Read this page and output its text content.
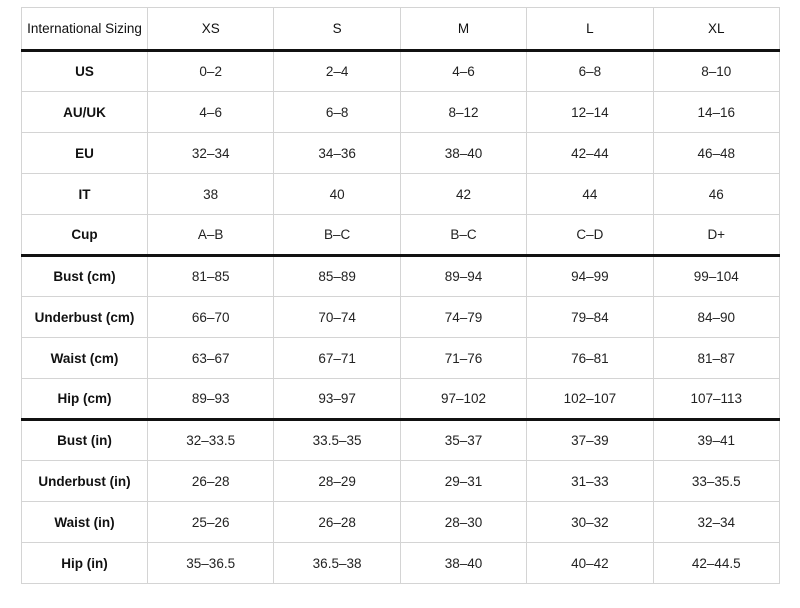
International Sizing	XS	S	M	L	XL
US	0–2	2–4	4–6	6–8	8–10
AU/UK	4–6	6–8	8–12	12–14	14–16
EU	32–34	34–36	38–40	42–44	46–48
IT	38	40	42	44	46
Cup	A–B	B–C	B–C	C–D	D+
Bust (cm)	81–85	85–89	89–94	94–99	99–104
Underbust (cm)	66–70	70–74	74–79	79–84	84–90
Waist (cm)	63–67	67–71	71–76	76–81	81–87
Hip (cm)	89–93	93–97	97–102	102–107	107–113
Bust (in)	32–33.5	33.5–35	35–37	37–39	39–41
Underbust (in)	26–28	28–29	29–31	31–33	33–35.5
Waist (in)	25–26	26–28	28–30	30–32	32–34
Hip (in)	35–36.5	36.5–38	38–40	40–42	42–44.5
